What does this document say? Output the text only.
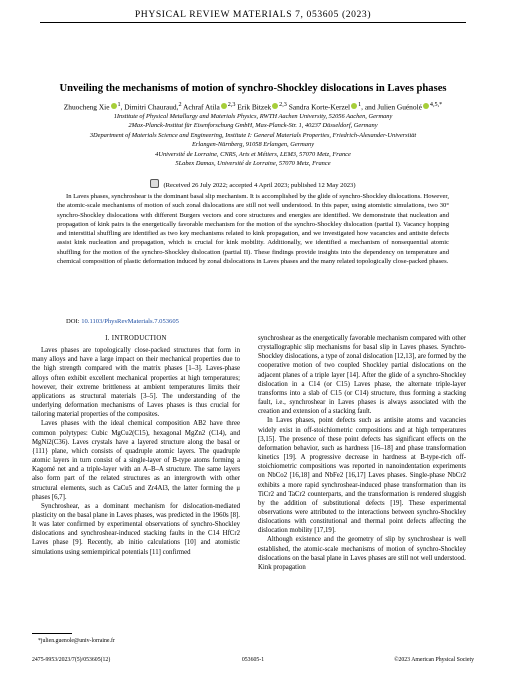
PHYSICAL REVIEW MATERIALS 7, 053605 (2023)
Unveiling the mechanisms of motion of synchro-Shockley dislocations in Laves phases
Zhuocheng Xie $^1$, Dimitri Chauraud,$^2$ Achraf Atila $^{2,3}$ Erik Bitzek $^{2,3}$ Sandra Korte-Kerzel $^1$, and Julien Guénolé $^{4,5,*}$
1Institute of Physical Metallurgy and Materials Physics, RWTH Aachen University, 52056 Aachen, Germany
2Max-Planck-Institut für Eisenforschung GmbH, Max-Planck-Str. 1, 40237 Düsseldorf, Germany
3Department of Materials Science and Engineering, Institute I: General Materials Properties, Friedrich-Alexander-Universität
Erlangen-Nürnberg, 91058 Erlangen, Germany
4Université de Lorraine, CNRS, Arts et Métiers, LEM3, 57070 Metz, France
5Labex Damas, Université de Lorraine, 57070 Metz, France
(Received 26 July 2022; accepted 4 April 2023; published 12 May 2023)
In Laves phases, synchroshear is the dominant basal slip mechanism. It is accomplished by the glide of synchro-Shockley dislocations. However, the atomic-scale mechanisms of motion of such zonal dislocations are still not well understood. In this paper, using atomistic simulations, two 30° synchro-Shockley dislocations with different Burgers vectors and core structures and energies are identified. We demonstrate that nucleation and propagation of kink pairs is the energetically favorable mechanism for the motion of the synchro-Shockley dislocation (partial I). Vacancy hopping and interstitial shuffling are identified as two key mechanisms related to kink propagation, and we investigated how vacancies and antisite defects assist kink nucleation and propagation, which is crucial for kink mobility. Additionally, we identified a mechanism of nonsequential atomic shuffling for the motion of the synchro-Shockley dislocation (partial II). These findings provide insights into the dependency on temperature and chemical composition of plastic deformation induced by zonal dislocations in Laves phases and the many related topologically close-packed phases.
DOI: 10.1103/PhysRevMaterials.7.053605
I. INTRODUCTION

Laves phases are topologically close-packed structures that form in many alloys and have a large impact on their mechanical properties due to the high strength compared with the matrix phases [1–3]. Laves-phase alloys often exhibit excellent mechanical properties at high temperatures; however, their extreme brittleness at ambient temperatures limits their applications as structural materials [3–5]. The understanding of the underlying deformation mechanisms of Laves phases is thus crucial for tailoring material properties of the composites.

Laves phases with the ideal chemical composition AB2 have three common polytypes: Cubic MgCu2(C15), hexagonal MgZn2 (C14), and MgNi2(C36). Laves crystals have a layered structure along the basal or {111} plane, which consists of quadruple atomic layers. The quadruple atomic layers in turn consist of a single-layer of B-type atoms forming a Kagomé net and a triple-layer with an A–B–A structure. The same layers also form part of the related structures as an intergrowth with other structural elements, such as CaCu5 and Zr4Al3, the latter forming the μ phases [6,7].

Synchroshear, as a dominant mechanism for dislocation-mediated plasticity on the basal plane in Laves phases, was predicted in the 1960s [8]. It was later confirmed by experimental observations of synchro-Shockley dislocations and synchroshear-induced stacking faults in the C14 HfCr2 Laves phase [9]. Recently, ab initio calculations [10] and atomistic simulations using semiempirical potentials [11] confirmed

synchroshear as the energetically favorable mechanism compared with other crystallographic slip mechanisms for basal slip in Laves phases. Synchro-Shockley dislocations, a type of zonal dislocation [12,13], are formed by the cooperative motion of two coupled Shockley partial dislocations on the adjacent planes of a triple layer [14]. After the glide of a synchro-Shockley dislocation in a C14 (or C15) Laves phase, the alternate triple-layer transforms into a slab of C15 (or C14) structure, thus forming a stacking fault, i.e., synchroshear in Laves phases is always associated with the creation and extension of a stacking fault.

In Laves phases, point defects such as antisite atoms and vacancies widely exist in off-stoichiometric compositions and at high temperatures [3,15]. The presence of these point defects has significant effects on the deformation behavior, such as hardness [16–18] and phase transformation kinetics [19]. A progressive decrease in hardness at B-type-rich off-stoichiometric compositions was reported in nanoindentation experiments on NbCo2 [16,18] and NbFe2 [16,17] Laves phases. Single-phase NbCr2 exhibits a more rapid synchroshear-induced phase transformation than its TiCr2 and TaCr2 counterparts, and the transformation is rendered sluggish by the addition of substitutional defects [19]. These experimental observations were attributed to the interactions between synchro-Shockley dislocations with constitutional and thermal point defects affecting the dislocation mobility [17,19].

Although existence and the geometry of slip by synchroshear is well established, the atomic-scale mechanisms of motion of synchro-Shockley dislocations on the basal plane in Laves phases are still not well understood. Kink propagation

*julien.guenole@univ-lorraine.fr
2475-9953/2023/7(5)/053605(12)	053605-1	©2023 American Physical Society
